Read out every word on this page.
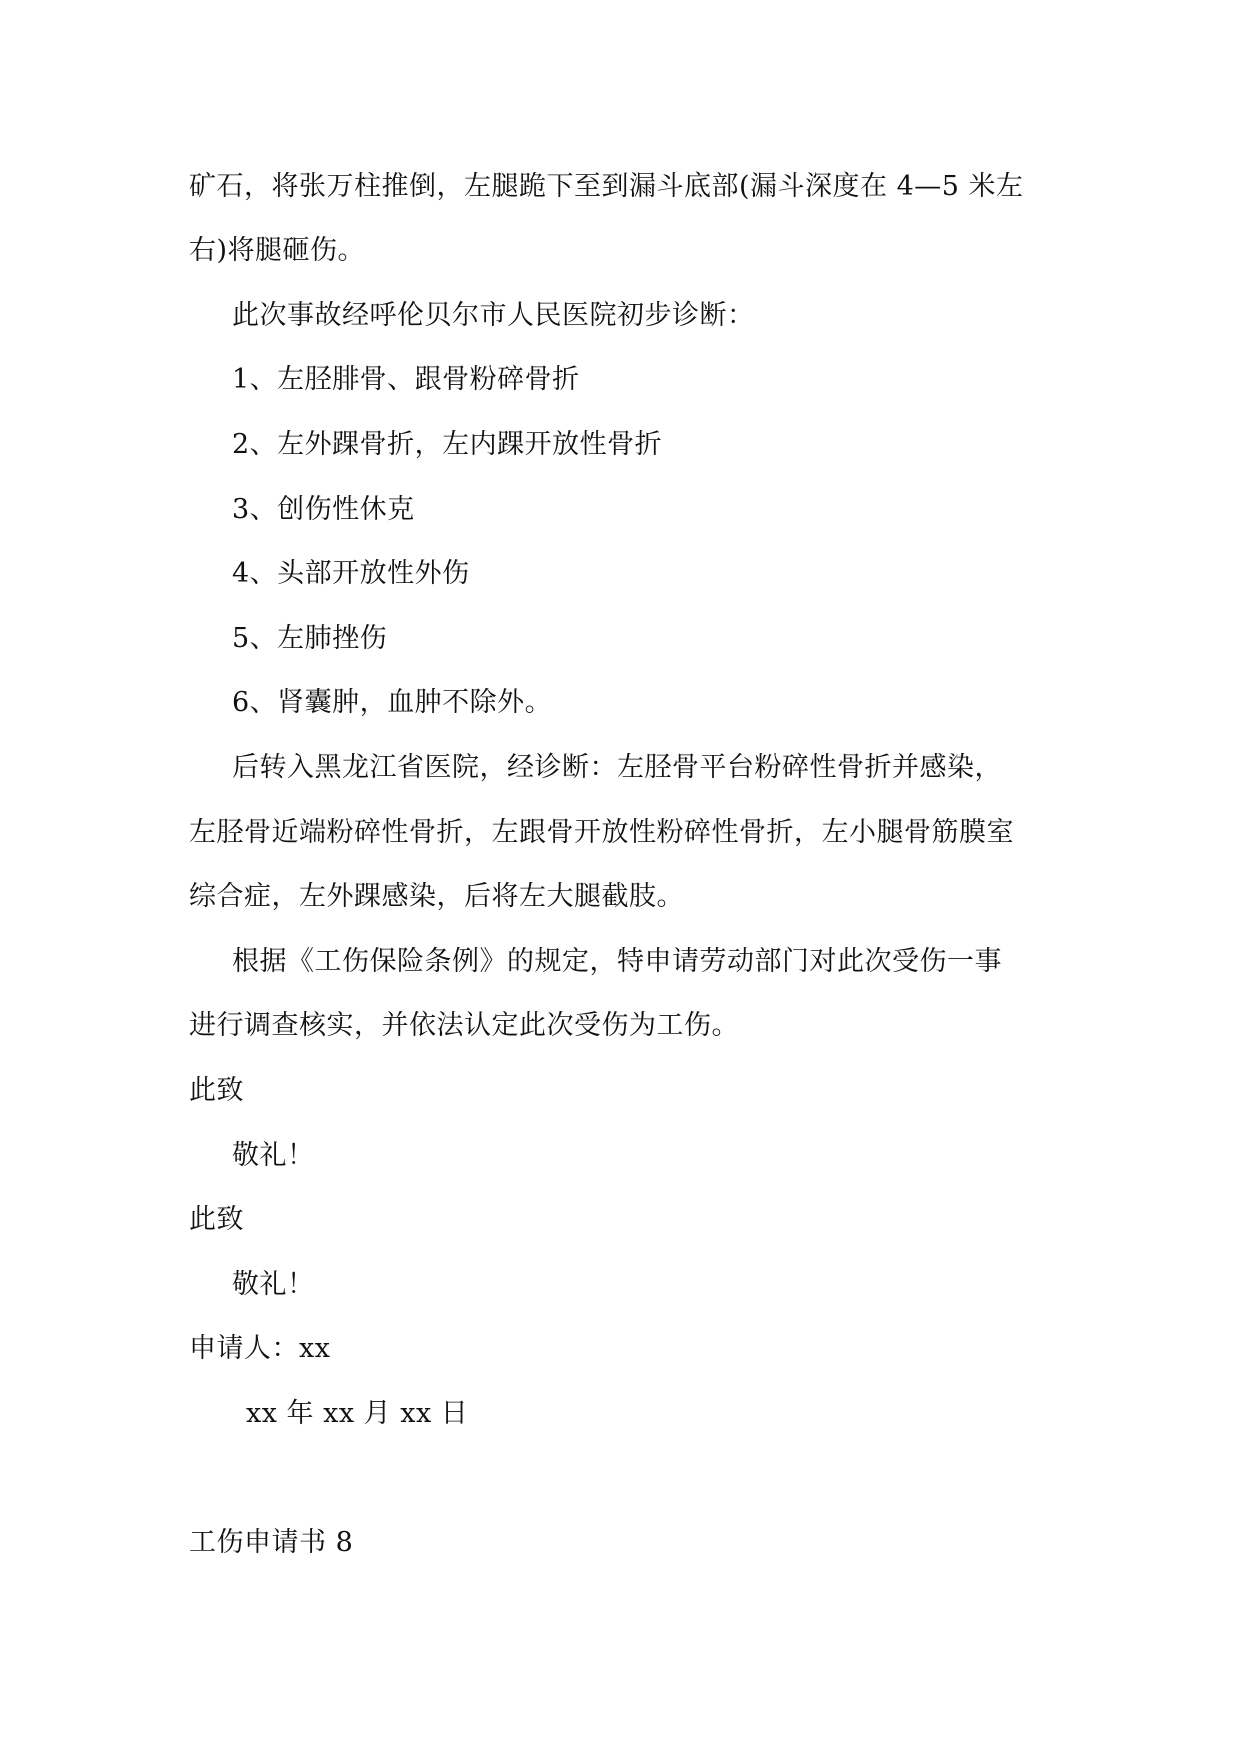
矿石，将张万柱推倒，左腿跪下至到漏斗底部(漏斗深度在 4—5 米左
右)将腿砸伤。
此次事故经呼伦贝尔市人民医院初步诊断：
1、左胫腓骨、跟骨粉碎骨折
2、左外踝骨折，左内踝开放性骨折
3、创伤性休克
4、头部开放性外伤
5、左肺挫伤
6、肾囊肿，血肿不除外。
后转入黑龙江省医院，经诊断：左胫骨平台粉碎性骨折并感染，
左胫骨近端粉碎性骨折，左跟骨开放性粉碎性骨折，左小腿骨筋膜室
综合症，左外踝感染，后将左大腿截肢。
根据《工伤保险条例》的规定，特申请劳动部门对此次受伤一事
进行调查核实，并依法认定此次受伤为工伤。
此致
敬礼！
此致
敬礼！
申请人：xx
xx 年 xx 月 xx 日
工伤申请书 8
